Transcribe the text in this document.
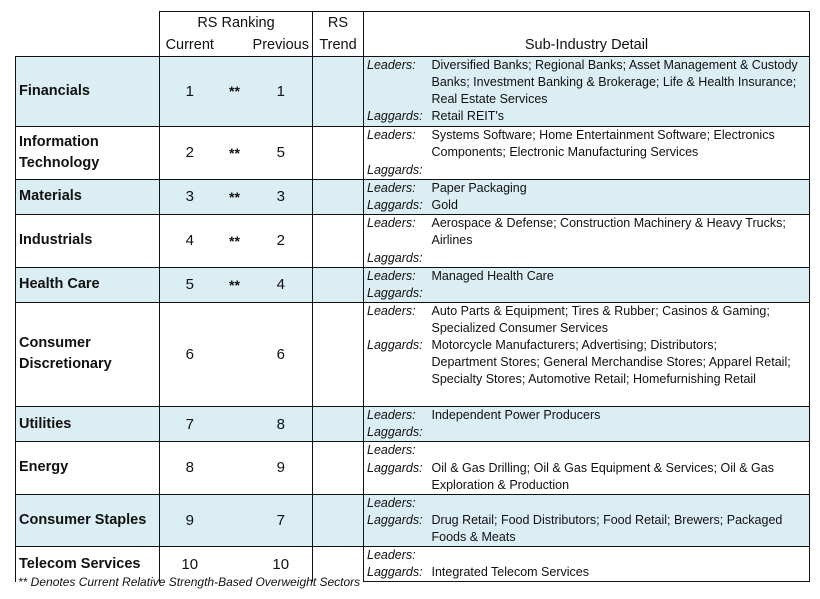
	RS Ranking			RS		
	Current		Previous	Trend	Sub-Industry Detail	

Financials	1	**	1		Leaders:	Diversified Banks; Regional Banks; Asset Management & Custody
						Banks; Investment Banking & Brokerage; Life & Health Insurance;
						Real Estate Services
					Laggards:	Retail REIT's

Information
Technology	2	**	5		Leaders:	Systems Software; Home Entertainment Software; Electronics
						Components; Electronic Manufacturing Services
					Laggards:	

Materials	3	**	3		Leaders:	Paper Packaging
					Laggards:	Gold

Industrials	4	**	2		Leaders:	Aerospace & Defense; Construction Machinery & Heavy Trucks;
						Airlines
					Laggards:	

Health Care	5	**	4		Leaders:	Managed Health Care
					Laggards:	

Consumer
Discretionary	6		6		Leaders:	Auto Parts & Equipment; Tires & Rubber; Casinos & Gaming;
						Specialized Consumer Services
					Laggards:	Motorcycle Manufacturers; Advertising; Distributors;
						Department Stores; General Merchandise Stores; Apparel Retail;
						Specialty Stores; Automotive Retail; Homefurnishing Retail

Utilities	7		8		Leaders:	Independent Power Producers
					Laggards:	

Energy	8		9		Leaders:	
					Laggards:	Oil & Gas Drilling; Oil & Gas Equipment & Services; Oil & Gas
						Exploration & Production

Consumer Staples	9		7		Leaders:	
					Laggards:	Drug Retail; Food Distributors; Food Retail; Brewers; Packaged
						Foods & Meats

Telecom Services	10		10		Leaders:	
					Laggards:	Integrated Telecom Services
** Denotes Current Relative Strength-Based Overweight Sectors
